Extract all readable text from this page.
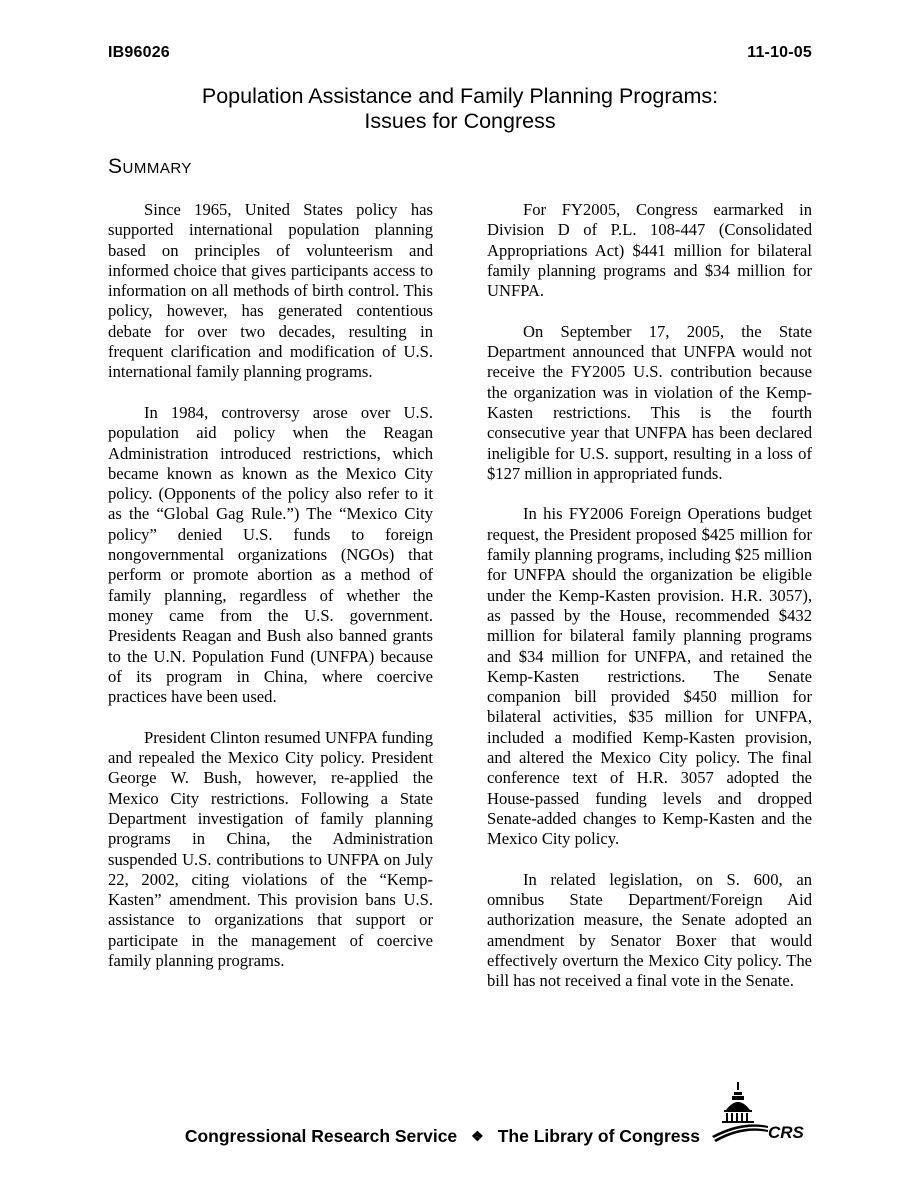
IB96026	11-10-05
Population Assistance and Family Planning Programs:
Issues for Congress
Summary

Since 1965, United States policy has supported international population planning based on principles of volunteerism and informed choice that gives participants access to information on all methods of birth control. This policy, however, has generated contentious debate for over two decades, resulting in frequent clarification and modification of U.S. international family planning programs.

In 1984, controversy arose over U.S. population aid policy when the Reagan Administration introduced restrictions, which became known as known as the Mexico City policy. (Opponents of the policy also refer to it as the “Global Gag Rule.”) The “Mexico City policy” denied U.S. funds to foreign nongovernmental organizations (NGOs) that perform or promote abortion as a method of family planning, regardless of whether the money came from the U.S. government. Presidents Reagan and Bush also banned grants to the U.N. Population Fund (UNFPA) because of its program in China, where coercive practices have been used.

President Clinton resumed UNFPA funding and repealed the Mexico City policy. President George W. Bush, however, re-applied the Mexico City restrictions. Following a State Department investigation of family planning programs in China, the Administration suspended U.S. contributions to UNFPA on July 22, 2002, citing violations of the “Kemp-Kasten” amendment. This provision bans U.S. assistance to organizations that support or participate in the management of coercive family planning programs.

For FY2005, Congress earmarked in Division D of P.L. 108-447 (Consolidated Appropriations Act) $441 million for bilateral family planning programs and $34 million for UNFPA.

On September 17, 2005, the State Department announced that UNFPA would not receive the FY2005 U.S. contribution because the organization was in violation of the Kemp-Kasten restrictions. This is the fourth consecutive year that UNFPA has been declared ineligible for U.S. support, resulting in a loss of $127 million in appropriated funds.

In his FY2006 Foreign Operations budget request, the President proposed $425 million for family planning programs, including $25 million for UNFPA should the organization be eligible under the Kemp-Kasten provision. H.R. 3057), as passed by the House, recommended $432 million for bilateral family planning programs and $34 million for UNFPA, and retained the Kemp-Kasten restrictions. The Senate companion bill provided $450 million for bilateral activities, $35 million for UNFPA, included a modified Kemp-Kasten provision, and altered the Mexico City policy. The final conference text of H.R. 3057 adopted the House-passed funding levels and dropped Senate-added changes to Kemp-Kasten and the Mexico City policy.

In related legislation, on S. 600, an omnibus State Department/Foreign Aid authorization measure, the Senate adopted an amendment by Senator Boxer that would effectively overturn the Mexico City policy. The bill has not received a final vote in the Senate.

Congressional Research Service ❖ The Library of Congress	CRS
